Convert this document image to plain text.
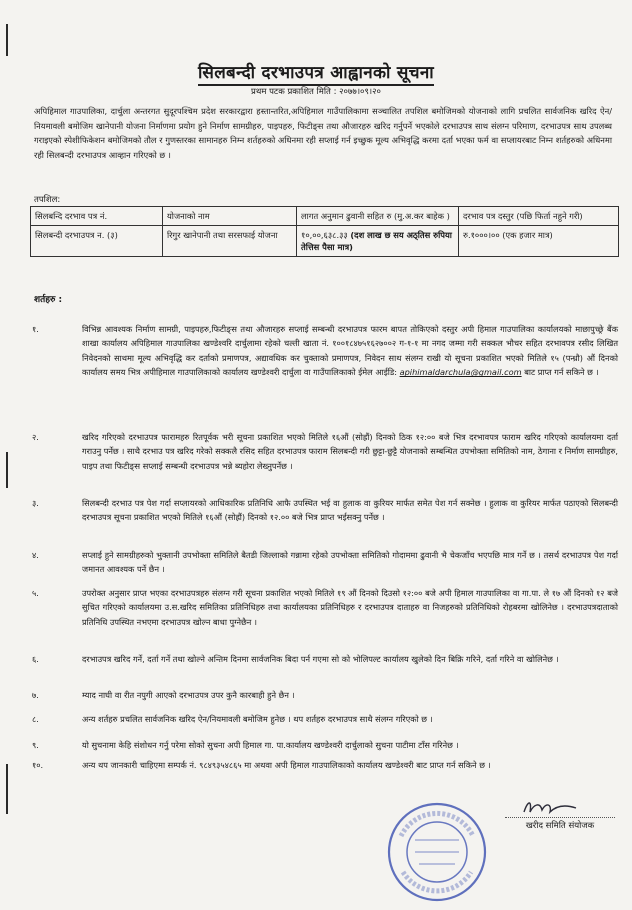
सिलबन्दी दरभाउपत्र आह्वानको सूचना
प्रथम पटक प्रकाशित मिति : २०७७।०९।२०
अपिहिमाल गाउपालिका, दार्चुला अन्तरगत सुदूरपश्चिम प्रदेश सरकारद्वारा हस्तान्तरित,अपिहिमाल गाउँपालिकामा सञ्चालित तपशिल बमोजिमको योजनाको लागि प्रचलित सार्वजनिक खरिद ऐन/नियमावली बमोजिम खानेपानी योजना निर्माणमा प्रयोग हुने निर्माण सामग्रीहरु, पाइपहरु, फिटीङ्स तथा औजारहरु खरिद गर्नुपर्ने भएकोले दरभाउपत्र साथ संलग्न परिमाण, दरभाउपत्र साथ उपलब्ध गराइएको स्पेशीफिकेशन बमोजिमको तौल र गुणस्तरका सामानहरु निम्न शर्तहरुको अधिनमा रही सप्लाई गर्न इच्छुक मूल्य अभिवृद्धि करमा दर्ता भएका फर्म वा सप्लायरबाट निम्न शर्तहरुको अधिनमा रही सिलबन्दी दरभाउपत्र आव्हान गरिएको छ ।
तपशिल:
सिलबन्दि दरभाव पत्र नं.	योजनाको नाम	लागत अनुमान ढुवानी सहित रु (मु.अ.कर बाहेक )	दरभाव पत्र दस्तुर (पछि फिर्ता नहुने गरी)
सिलबन्दी दरभाउपत्र न. (३)	रिगुर खानेपानी तथा सरसफाई योजना	१०,००,६३८.३३ (दश लाख छ सय अठ्तिस रुपिया तेत्तिस पैसा मात्र)	रु.१०००।०० (एक हजार मात्र)
शर्तहरु :
१.	विभिन्न आवश्यक निर्माण सामग्री, पाइपहरु,फिटीङ्स तथा औजारहरु सप्लाई सम्बन्धी दरभाउपत्र फारम बापत तोकिएको दस्तुर अपी हिमाल गाउपालिका कार्यालयको माछापुच्छ्रे बैंक शाखा कार्यालय अपिहिमाल गाउपालिका खण्डेश्वरि दार्चुलामा रहेको चल्ती खाता नं. १००१८४७५१६२७००२ ग-१-१ मा नगद जम्मा गरी सक्कल भौचर सहित दरभावपत्र रसीद लिखित निवेदनको साथमा मूल्य अभिवृद्धि कर दर्ताको प्रमाणपत्र, अद्यावधिक कर चुक्ताको प्रमाणपत्र, निवेदन साथ संलग्न राखी यो सूचना प्रकाशित भएको मितिले १५ (पन्ध्रौ) औं दिनको कार्यालय समय भित्र अपीहिमाल गाउपालिकाको कार्यालय खण्डेश्वरी दार्चुला वा गाउँपालिकाको ईमेल आईडि: apihimaldarchula@gmail.com बाट प्राप्त गर्न सकिने छ ।
२.	खरिद गरिएको दरभाउपत्र फारामहरु रितपूर्वक भरी सूचना प्रकाशित भएको मितिले १६औं (सोह्रौं) दिनको ठिक १२:०० बजे भित्र दरभावपत्र फाराम खरिद गरिएको कार्यालयमा दर्ता गराउनु पर्नेछ । साथै दरभाउ पत्र खरिद गरेको सक्कलै रसिद सहित दरभाउपत्र फाराम सिलबन्दी गरी छुट्टा-छुट्टै योजनाको सम्बन्धित उपभोक्ता समितिको नाम, ठेगाना र निर्माण सामग्रीहरु, पाइप तथा फिटीङ्स सप्लाई सम्बन्धी दरभाउपत्र भन्ने ब्यहोरा लेख्नुपर्नेछ ।
३.	सिलबन्दी दरभाउ पत्र पेश गर्दा सप्लायरको आधिकारिक प्रतिनिधि आफै उपस्थित भई वा हुलाक वा कुरियर मार्फत समेत पेश गर्न सक्नेछ । हुलाक वा कुरियर मार्फत पठाएको सिलबन्दी दरभाउपत्र सूचना प्रकाशित भएको मितिले १६औं (सोह्रौं) दिनको १२.०० बजे भित्र प्राप्त भईसक्नु पर्नेछ ।
४.	सप्लाई हुने सामग्रीहरुको भुक्तानी उपभोक्ता समितिले बैतडी जिल्लाको गन्नामा रहेको उपभोक्ता समितिको गोदाममा ढुवानी भै चेकजाँच भएपछि मात्र गर्ने छ । तसर्थ दरभाउपत्र पेश गर्दा जमानत आवश्यक पर्ने छैन ।
५.	उपरोक्त अनुसार प्राप्त भएका दरभाउपत्रहरु संलग्न गरी सूचना प्रकाशित भएको मितिले १९ औं दिनको दिउसो १२:०० बजे अपी हिमाल गाउपालिका वा गा.पा. ले १७ औं दिनको १२ बजे सुचित गरिएको कार्यालयमा उ.स.खरिद समितिका प्रतिनिधिहरु तथा कार्यालयका प्रतिनिधिहरु र दरभाउपत्र दाताहरु वा निजहरुको प्रतिनिधिको रोहबरमा खोलिनेछ । दरभाउपत्रदाताको प्रतिनिधि उपस्थित नभएमा दरभाउपत्र खोल्न बाधा पुग्नेछैन ।
६.	दरभाउपत्र खरिद गर्ने, दर्ता गर्ने तथा खोल्ने अन्तिम दिनमा सार्वजनिक बिदा पर्न गएमा सो को भोलिपल्ट कार्यालय खुलेको दिन बिक्रि गरिने, दर्ता गरिने वा खोलिनेछ ।
७.	म्याद नाघी वा रीत नपुगी आएको दरभाउपत्र उपर कुनै कारबाही हुने छैन ।
८.	अन्य शर्तहरु प्रचलित सार्वजनिक खरिद ऐन/नियमावली बमोजिम हुनेछ । थप शर्तहरु दरभाउपत्र साथै संलग्न गरिएको छ ।
९.	यो सुचनामा केहि संशोधन गर्नु परेमा सोको सुचना अपी हिमाल गा. पा.कार्यालय खण्डेश्वरी दार्चुलाको सुचना पाटीमा टाँस गरिनेछ ।
१०.	अन्य थप जानकारी चाहिएमा सम्पर्क नं. ९८४९३५४८६५ मा अथवा अपी हिमाल गाउपालिकाको कार्यालय खण्डेश्वरी बाट प्राप्त गर्न सकिने छ ।
खरीद समिति संयोजक
